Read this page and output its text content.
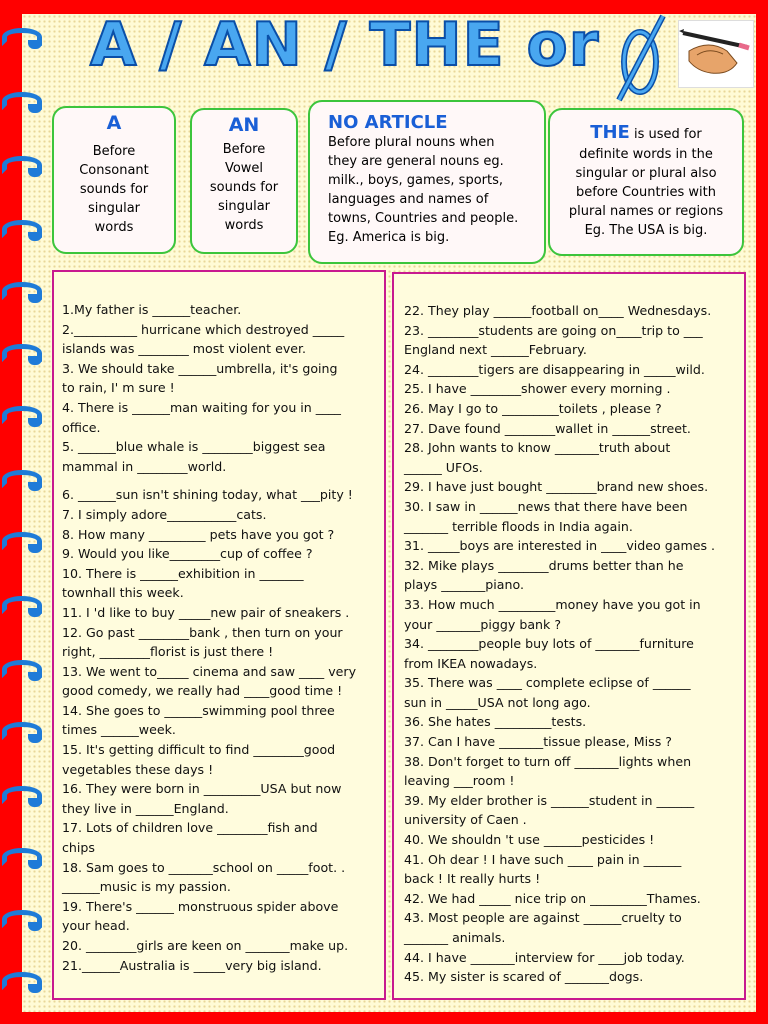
A / AN / THE or
A
Before
Consonant
sounds for
singular
words
AN
Before
Vowel
sounds for
singular
words
NO ARTICLE
Before plural nouns when
they are general nouns eg.
milk., boys, games, sports,
languages and names of
towns, Countries and people.
Eg. America is big.
THE is used for
definite words in the
singular or plural also
before Countries with
plural names or regions
Eg. The USA is big.
1.My father is ______teacher.
2.__________ hurricane which destroyed _____
islands was ________ most violent ever.
3. We should take ______umbrella, it's going
to rain, I' m sure !
4. There is ______man waiting for you in ____
office.
5. ______blue whale is ________biggest sea
mammal in ________world.
6. ______sun isn't shining today, what ___pity !
7. I simply adore___________cats.
8. How many _________ pets have you got ?
9. Would you like________cup of coffee ?
10. There is ______exhibition in _______
townhall this week.
11. I 'd like to buy _____new pair of sneakers .
12. Go past ________bank , then turn on your
right, ________florist is just there !
13. We went to_____ cinema and saw ____ very
good comedy, we really had ____good time !
14. She goes to ______swimming pool three
times ______week.
15. It's getting difficult to find ________good
vegetables these days !
16. They were born in _________USA but now
they live in ______England.
17. Lots of children love ________fish and
chips
18. Sam goes to _______school on _____foot. .
______music is my passion.
19. There's ______ monstruous spider above
your head.
20. ________girls are keen on _______make up.
21.______Australia is _____very big island.
22. They play ______football on____ Wednesdays.
23. ________students are going on____trip to ___
England next ______February.
24. ________tigers are disappearing in _____wild.
25. I have ________shower every morning .
26. May I go to _________toilets , please ?
27. Dave found ________wallet in ______street.
28. John wants to know _______truth about
______ UFOs.
29. I have just bought ________brand new shoes.
30. I saw in ______news that there have been
_______ terrible floods in India again.
31. _____boys are interested in ____video games .
32. Mike plays ________drums better than he
plays _______piano.
33. How much _________money have you got in
your _______piggy bank ?
34. ________people buy lots of _______furniture
from IKEA nowadays.
35. There was ____ complete eclipse of ______
sun in _____USA not long ago.
36. She hates _________tests.
37. Can I have _______tissue please, Miss ?
38. Don't forget to turn off _______lights when
leaving ___room !
39. My elder brother is ______student in ______
university of Caen .
40. We shouldn 't use ______pesticides !
41. Oh dear ! I have such ____ pain in ______
back ! It really hurts !
42. We had _____ nice trip on _________Thames.
43. Most people are against ______cruelty to
_______ animals.
44. I have _______interview for ____job today.
45. My sister is scared of _______dogs.
